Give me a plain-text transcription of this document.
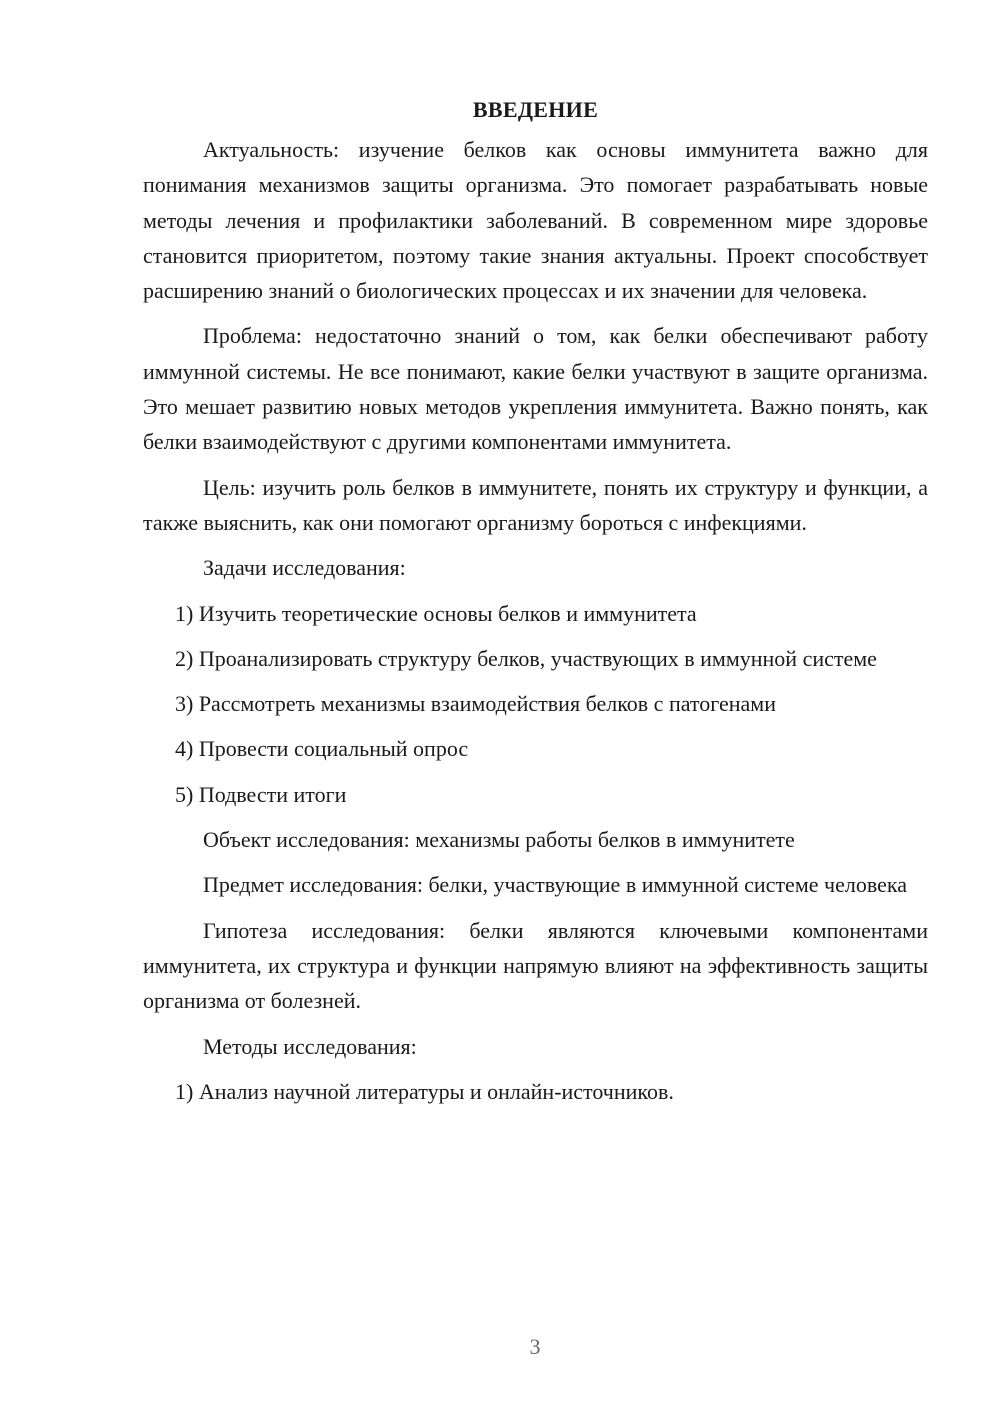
ВВЕДЕНИЕ

Актуальность: изучение белков как основы иммунитета важно для понимания механизмов защиты организма. Это помогает разрабатывать новые методы лечения и профилактики заболеваний. В современном мире здоровье становится приоритетом, поэтому такие знания актуальны. Проект способствует расширению знаний о биологических процессах и их значении для человека.

Проблема: недостаточно знаний о том, как белки обеспечивают работу иммунной системы. Не все понимают, какие белки участвуют в защите организма. Это мешает развитию новых методов укрепления иммунитета. Важно понять, как белки взаимодействуют с другими компонентами иммунитета.

Цель: изучить роль белков в иммунитете, понять их структуру и функции, а также выяснить, как они помогают организму бороться с инфекциями.

Задачи исследования:

1) Изучить теоретические основы белков и иммунитета

2) Проанализировать структуру белков, участвующих в иммунной системе

3) Рассмотреть механизмы взаимодействия белков с патогенами

4) Провести социальный опрос

5) Подвести итоги

Объект исследования: механизмы работы белков в иммунитете

Предмет исследования: белки, участвующие в иммунной системе человека

Гипотеза исследования: белки являются ключевыми компонентами иммунитета, их структура и функции напрямую влияют на эффективность защиты организма от болезней.

Методы исследования:

1) Анализ научной литературы и онлайн-источников.

3
